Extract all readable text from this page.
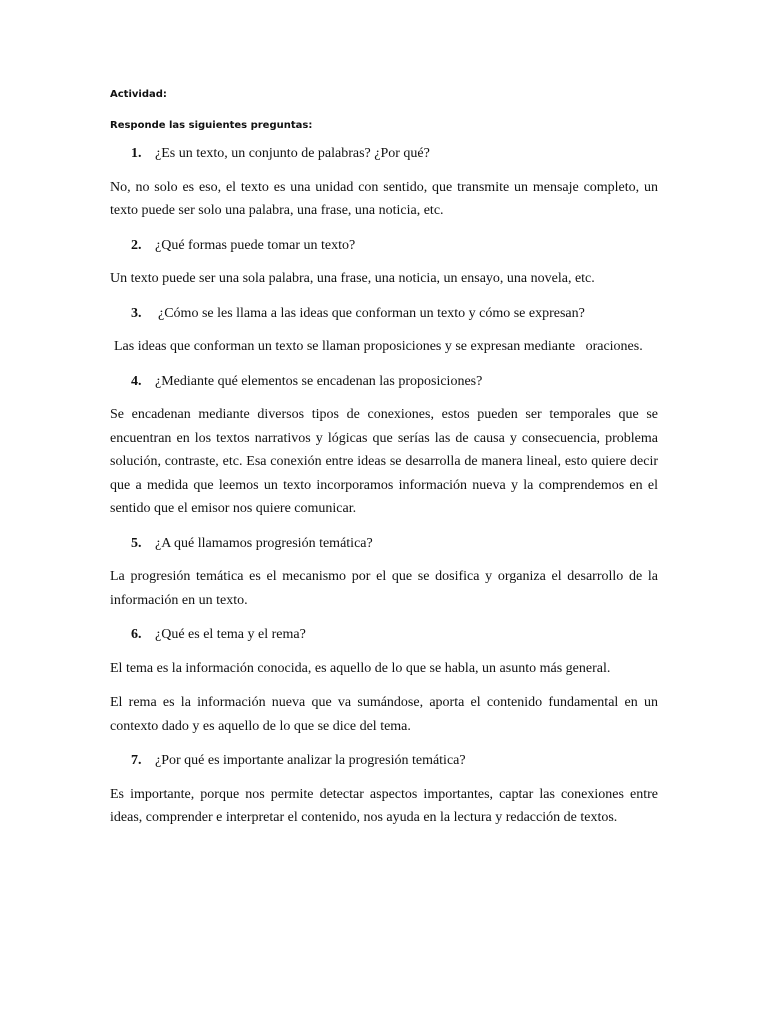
Actividad:

Responde las siguientes preguntas:

1. ¿Es un texto, un conjunto de palabras? ¿Por qué?

No, no solo es eso, el texto es una unidad con sentido, que transmite un mensaje completo, un texto puede ser solo una palabra, una frase, una noticia, etc.

2. ¿Qué formas puede tomar un texto?

Un texto puede ser una sola palabra, una frase, una noticia, un ensayo, una novela, etc.

3. ¿Cómo se les llama a las ideas que conforman un texto y cómo se expresan?

Las ideas que conforman un texto se llaman proposiciones y se expresan mediante   oraciones.

4. ¿Mediante qué elementos se encadenan las proposiciones?

Se encadenan mediante diversos tipos de conexiones, estos pueden ser temporales que se encuentran en los textos narrativos y lógicas que serías las de causa y consecuencia, problema solución, contraste, etc. Esa conexión entre ideas se desarrolla de manera lineal, esto quiere decir que a medida que leemos un texto incorporamos información nueva y la comprendemos en el sentido que el emisor nos quiere comunicar.

5. ¿A qué llamamos progresión temática?

La progresión temática es el mecanismo por el que se dosifica y organiza el desarrollo de la información en un texto.

6. ¿Qué es el tema y el rema?

El tema es la información conocida, es aquello de lo que se habla, un asunto más general.

El rema es la información nueva que va sumándose, aporta el contenido fundamental en un contexto dado y es aquello de lo que se dice del tema.

7. ¿Por qué es importante analizar la progresión temática?

Es importante, porque nos permite detectar aspectos importantes, captar las conexiones entre ideas, comprender e interpretar el contenido, nos ayuda en la lectura y redacción de textos.
